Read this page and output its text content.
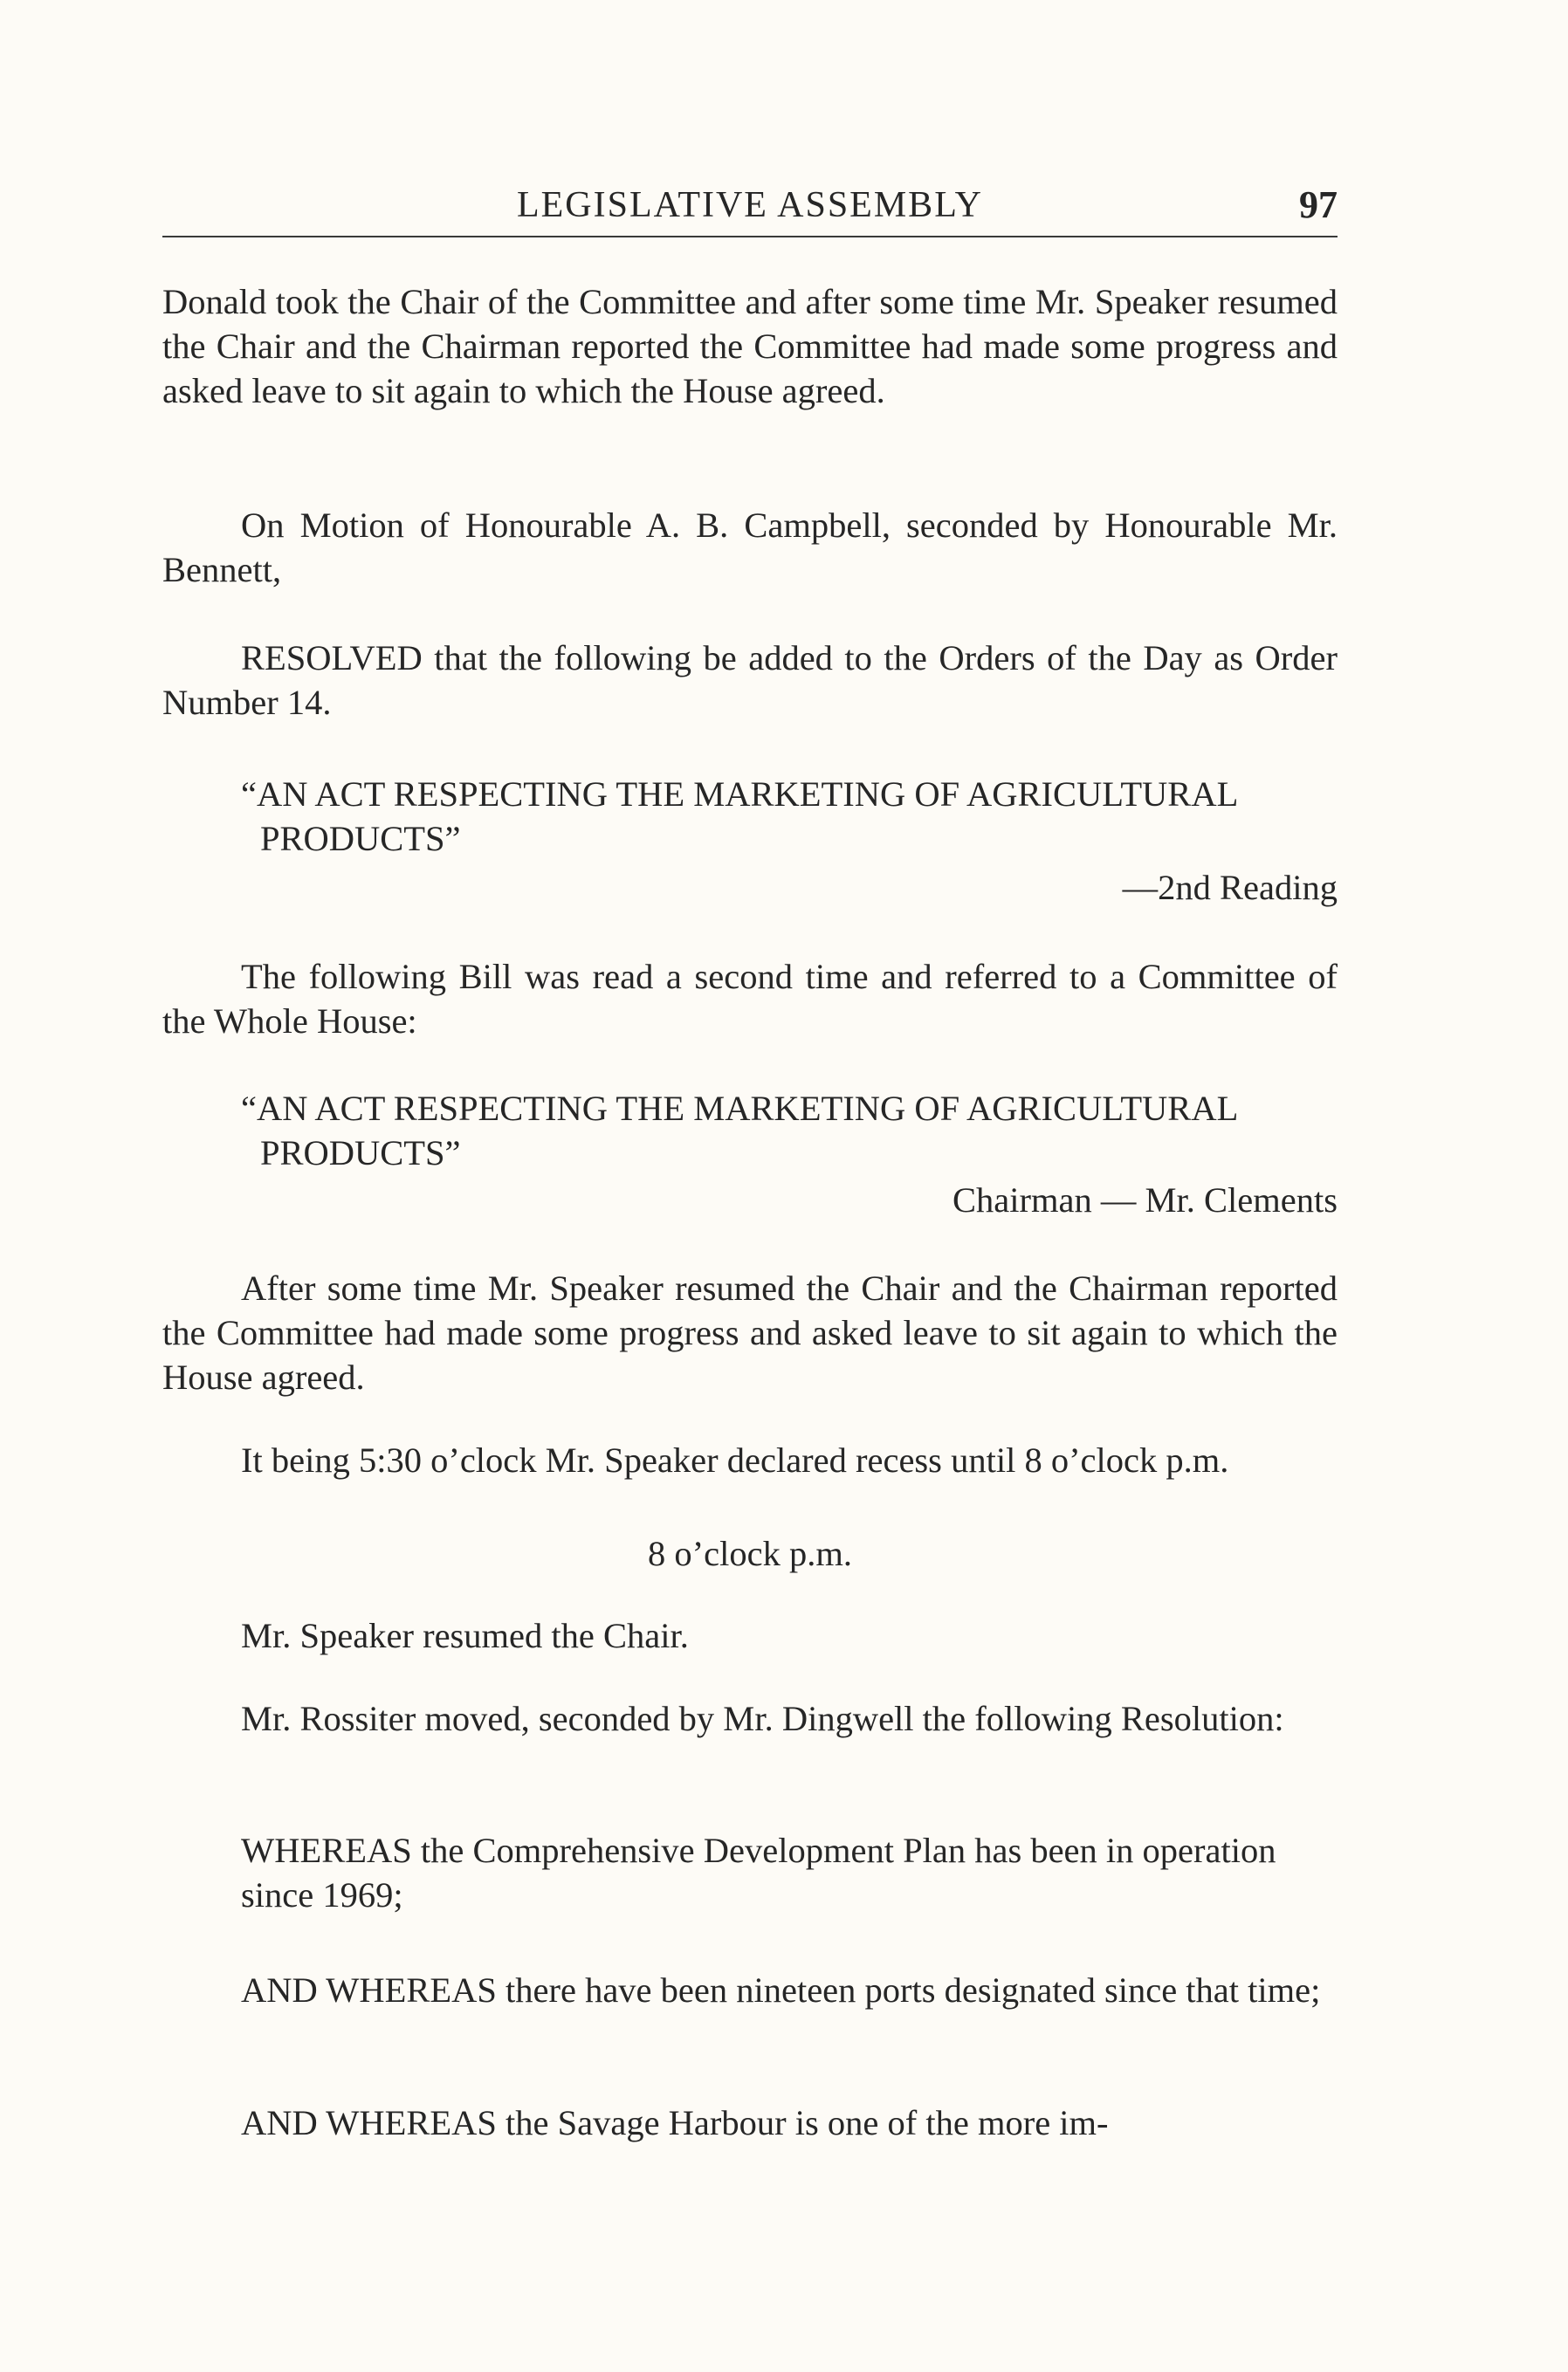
LEGISLATIVE ASSEMBLY	97

Donald took the Chair of the Committee and after some time Mr. Speaker resumed the Chair and the Chairman reported the Committee had made some progress and asked leave to sit again to which the House agreed.

On Motion of Honourable A. B. Campbell, seconded by Honourable Mr. Bennett,

RESOLVED that the following be added to the Orders of the Day as Order Number 14.

“AN ACT RESPECTING THE MARKETING OF AGRICULTURAL PRODUCTS”

—2nd Reading

The following Bill was read a second time and referred to a Committee of the Whole House:

“AN ACT RESPECTING THE MARKETING OF AGRICULTURAL PRODUCTS”

Chairman — Mr. Clements

After some time Mr. Speaker resumed the Chair and the Chairman reported the Committee had made some progress and asked leave to sit again to which the House agreed.

It being 5:30 o’clock Mr. Speaker declared recess until 8 o’clock p.m.

8 o’clock p.m.

Mr. Speaker resumed the Chair.

Mr. Rossiter moved, seconded by Mr. Dingwell the following Resolution:

WHEREAS the Comprehensive Development Plan has been in operation since 1969;

AND WHEREAS there have been nineteen ports designated since that time;

AND WHEREAS the Savage Harbour is one of the more im-
